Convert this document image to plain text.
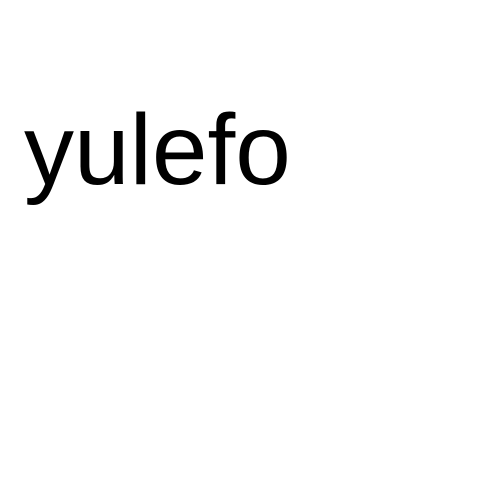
yulefo
